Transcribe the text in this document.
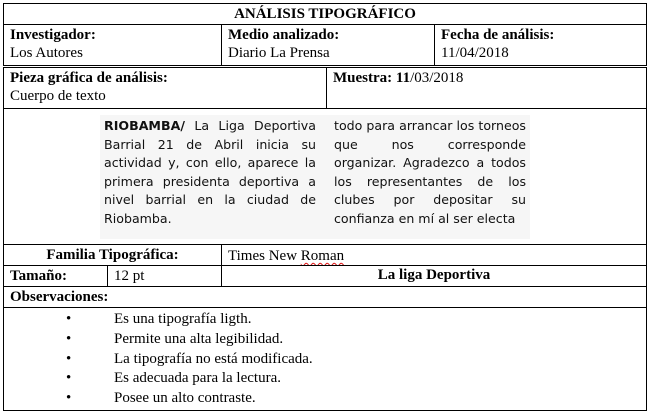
ANÁLISIS TIPOGRÁFICO
Investigador:
Los Autores
Medio analizado:
Diario La Prensa
Fecha de análisis:
11/04/2018
Pieza gráfica de análisis:
Cuerpo de texto
Muestra: 11/03/2018
RIOBAMBA/ La Liga Deportiva Barrial 21 de Abril inicia su actividad y, con ello, aparece la primera presidenta deportiva a nivel barrial en la ciudad de Riobamba.
todo para arrancar los torneos que nos corresponde organizar. Agradezco a todos los representantes de los clubes por depositar su confianza en mí al ser electa
Familia Tipográfica:	Times New Roman
Tamaño:	12 pt	La liga Deportiva
Observaciones:
•	Es una tipografía ligth.
•	Permite una alta legibilidad.
•	La tipografía no está modificada.
•	Es adecuada para la lectura.
•	Posee un alto contraste.
